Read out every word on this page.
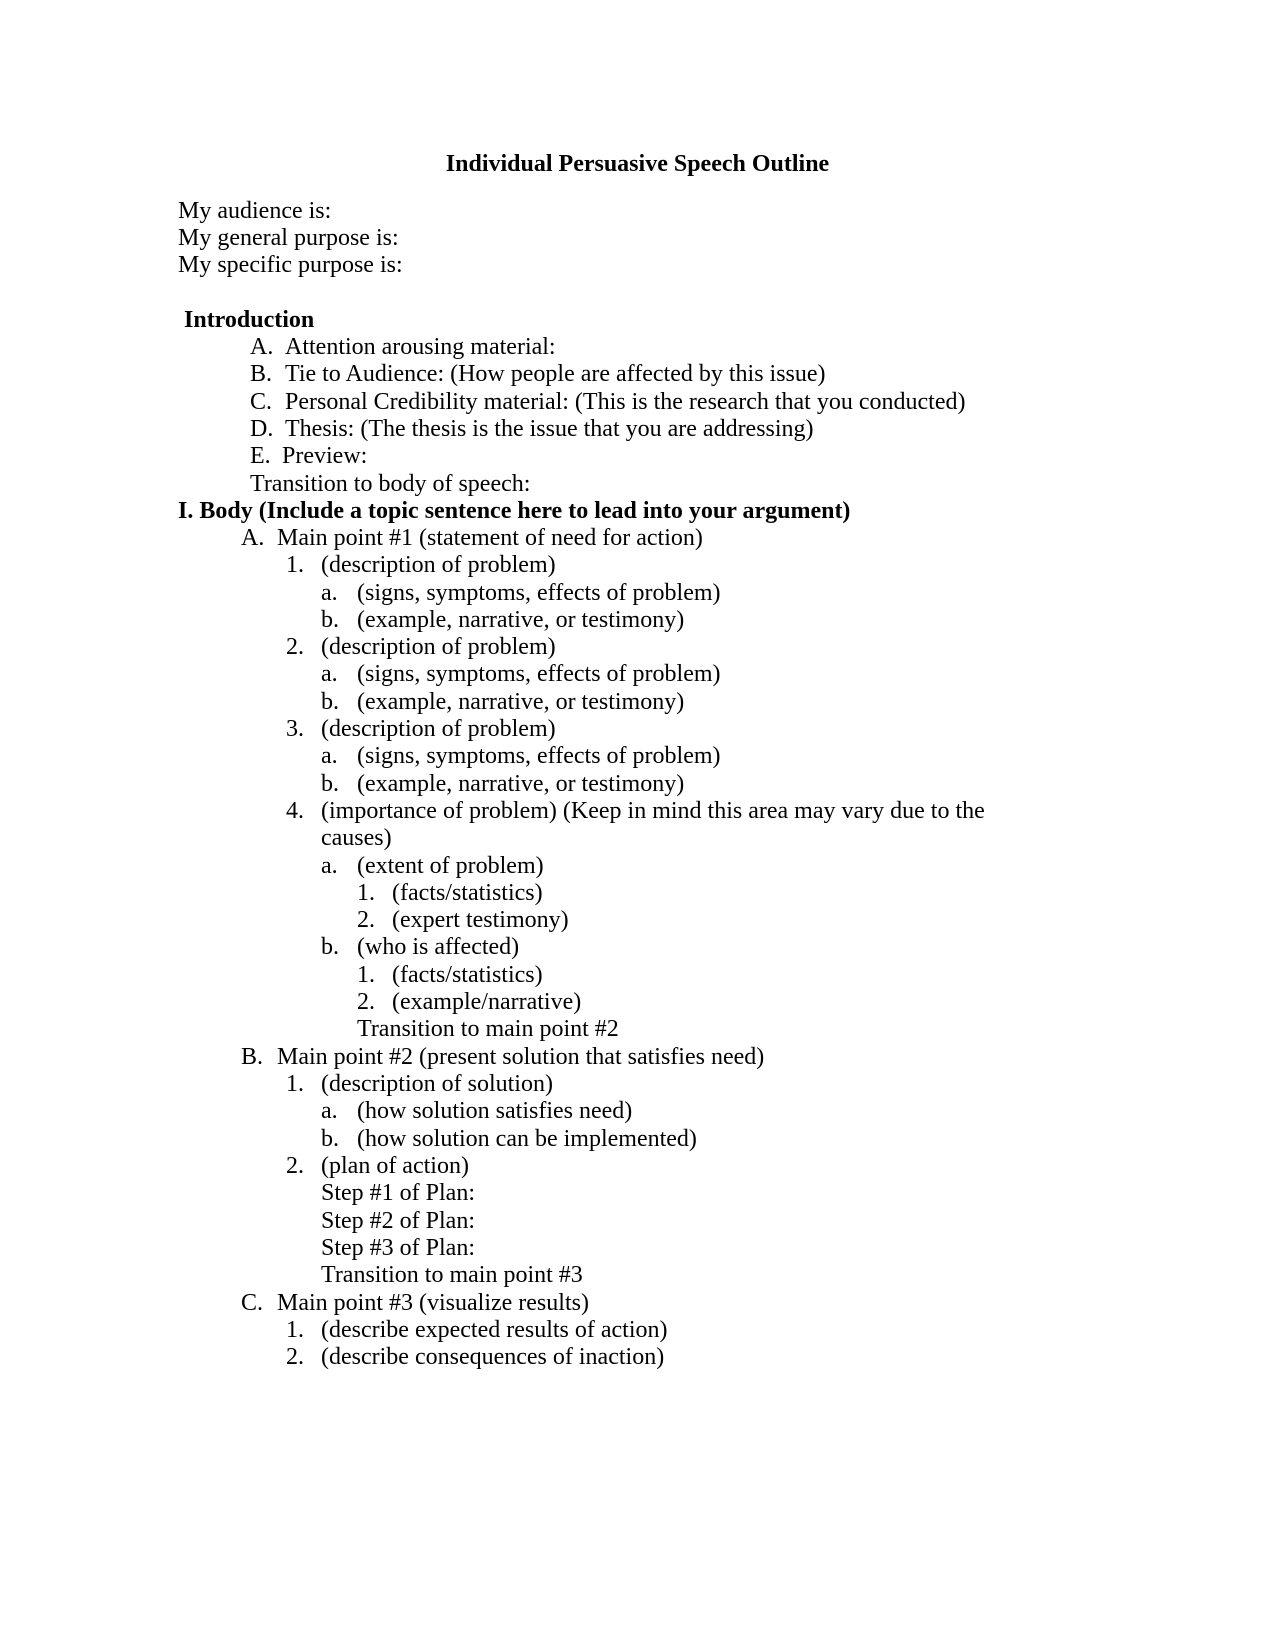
Individual Persuasive Speech Outline
My audience is:
My general purpose is:
My specific purpose is:
Introduction
A. Attention arousing material:
B. Tie to Audience: (How people are affected by this issue)
C. Personal Credibility material: (This is the research that you conducted)
D. Thesis: (The thesis is the issue that you are addressing)
E. Preview:
Transition to body of speech:
I. Body (Include a topic sentence here to lead into your argument)
A. Main point #1 (statement of need for action)
1. (description of problem)
a. (signs, symptoms, effects of problem)
b. (example, narrative, or testimony)
2. (description of problem)
a. (signs, symptoms, effects of problem)
b. (example, narrative, or testimony)
3. (description of problem)
a. (signs, symptoms, effects of problem)
b. (example, narrative, or testimony)
4. (importance of problem) (Keep in mind this area may vary due to the
causes)
a. (extent of problem)
1. (facts/statistics)
2. (expert testimony)
b. (who is affected)
1. (facts/statistics)
2. (example/narrative)
Transition to main point #2
B. Main point #2 (present solution that satisfies need)
1. (description of solution)
a. (how solution satisfies need)
b. (how solution can be implemented)
2. (plan of action)
Step #1 of Plan:
Step #2 of Plan:
Step #3 of Plan:
Transition to main point #3
C. Main point #3 (visualize results)
1. (describe expected results of action)
2. (describe consequences of inaction)
